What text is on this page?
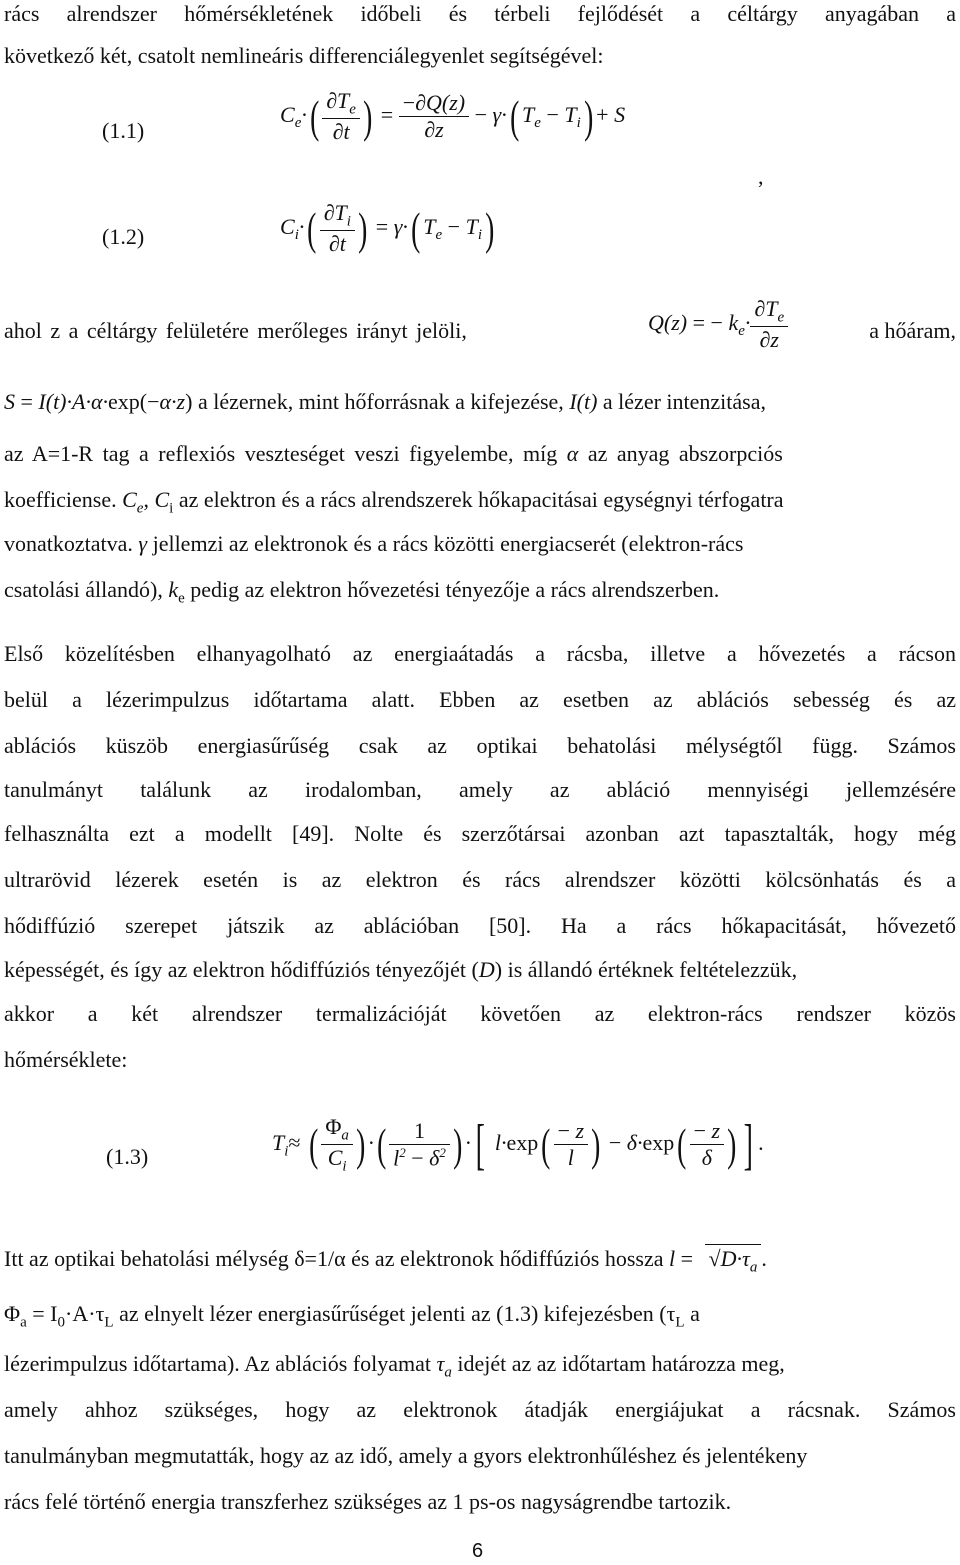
rács alrendszer hőmérsékletének időbeli és térbeli fejlődését a céltárgy anyagában a
következő két, csatolt nemlineáris differenciálegyenlet segítségével:
(1.1)
$C_e\cdot( \frac{\partial T_e}{\partial t}$ ) = $\frac{-\partial Q(z)}{\partial z} - \gamma\cdot$( $T_e - T_i) + S$
,
(1.2)	$C_i\cdot( \frac{\partial T_i}{\partial t}$ ) = γ·( $T_e - T_i$)
ahol z a céltárgy felületére merőleges irányt jelöli,	Q(z) = − $k_e\cdot \frac{\partial T_e}{\partial z}$	a hőáram,
S = I(t)·A·α·exp(−α·z) a lézernek, mint hőforrásnak a kifejezése, I(t) a lézer intenzitása,
az A=1-R tag a reflexiós veszteséget veszi figyelembe, míg α az anyag abszorpciós
koefficiense. $C_e$, $C_i$ az elektron és a rács alrendszerek hőkapacitásai egységnyi térfogatra
vonatkoztatva. γ jellemzi az elektronok és a rács közötti energiacserét (elektron-rács
csatolási állandó), $k_e$ pedig az elektron hővezetési tényezője a rács alrendszerben.
Első közelítésben elhanyagolható az energiaátadás a rácsba, illetve a hővezetés a rácson
belül a lézerimpulzus időtartama alatt. Ebben az esetben az ablációs sebesség és az
ablációs küszöb energiasűrűség csak az optikai behatolási mélységtől függ. Számos
tanulmányt találunk az irodalomban, amely az abláció mennyiségi jellemzésére
felhasználta ezt a modellt [49]. Nolte és szerzőtársai azonban azt tapasztalták, hogy még
ultrarövid lézerek esetén is az elektron és rács alrendszer közötti kölcsönhatás és a
hődiffúzió szerepet játszik az ablációban [50]. Ha a rács hőkapacitását, hővezető
képességét, és így az elektron hődiffúziós tényezőjét (D) is állandó értéknek feltételezzük,
akkor a két alrendszer termalizációját követően az elektron-rács rendszer közös
hőmérséklete:
(1.3)
$T_i\approx$ ( $\frac{\Phi_a}{C_i}$ ) ·( $\frac{1}{l^2 - \delta^2}$ ) ·[ $l\cdot\exp( \frac{- z}{l}$ ) − $\delta\cdot\exp( \frac{- z}{\delta}$ ) ] .
Itt az optikai behatolási mélység δ=1/α és az elektronok hődiffúziós hossza $l = √D\cdot\tau_a$ .
$\Phi_a = I_0\cdot A\cdot\tau_L$ az elnyelt lézer energiasűrűséget jelenti az (1.3) kifejezésben ($\tau_L$ a
lézerimpulzus időtartama). Az ablációs folyamat $\tau_a$ idejét az az időtartam határozza meg,
amely ahhoz szükséges, hogy az elektronok átadják energiájukat a rácsnak. Számos
tanulmányban megmutatták, hogy az az idő, amely a gyors elektronhűléshez és jelentékeny
rács felé történő energia transzferhez szükséges az 1 ps-os nagyságrendbe tartozik.
6
